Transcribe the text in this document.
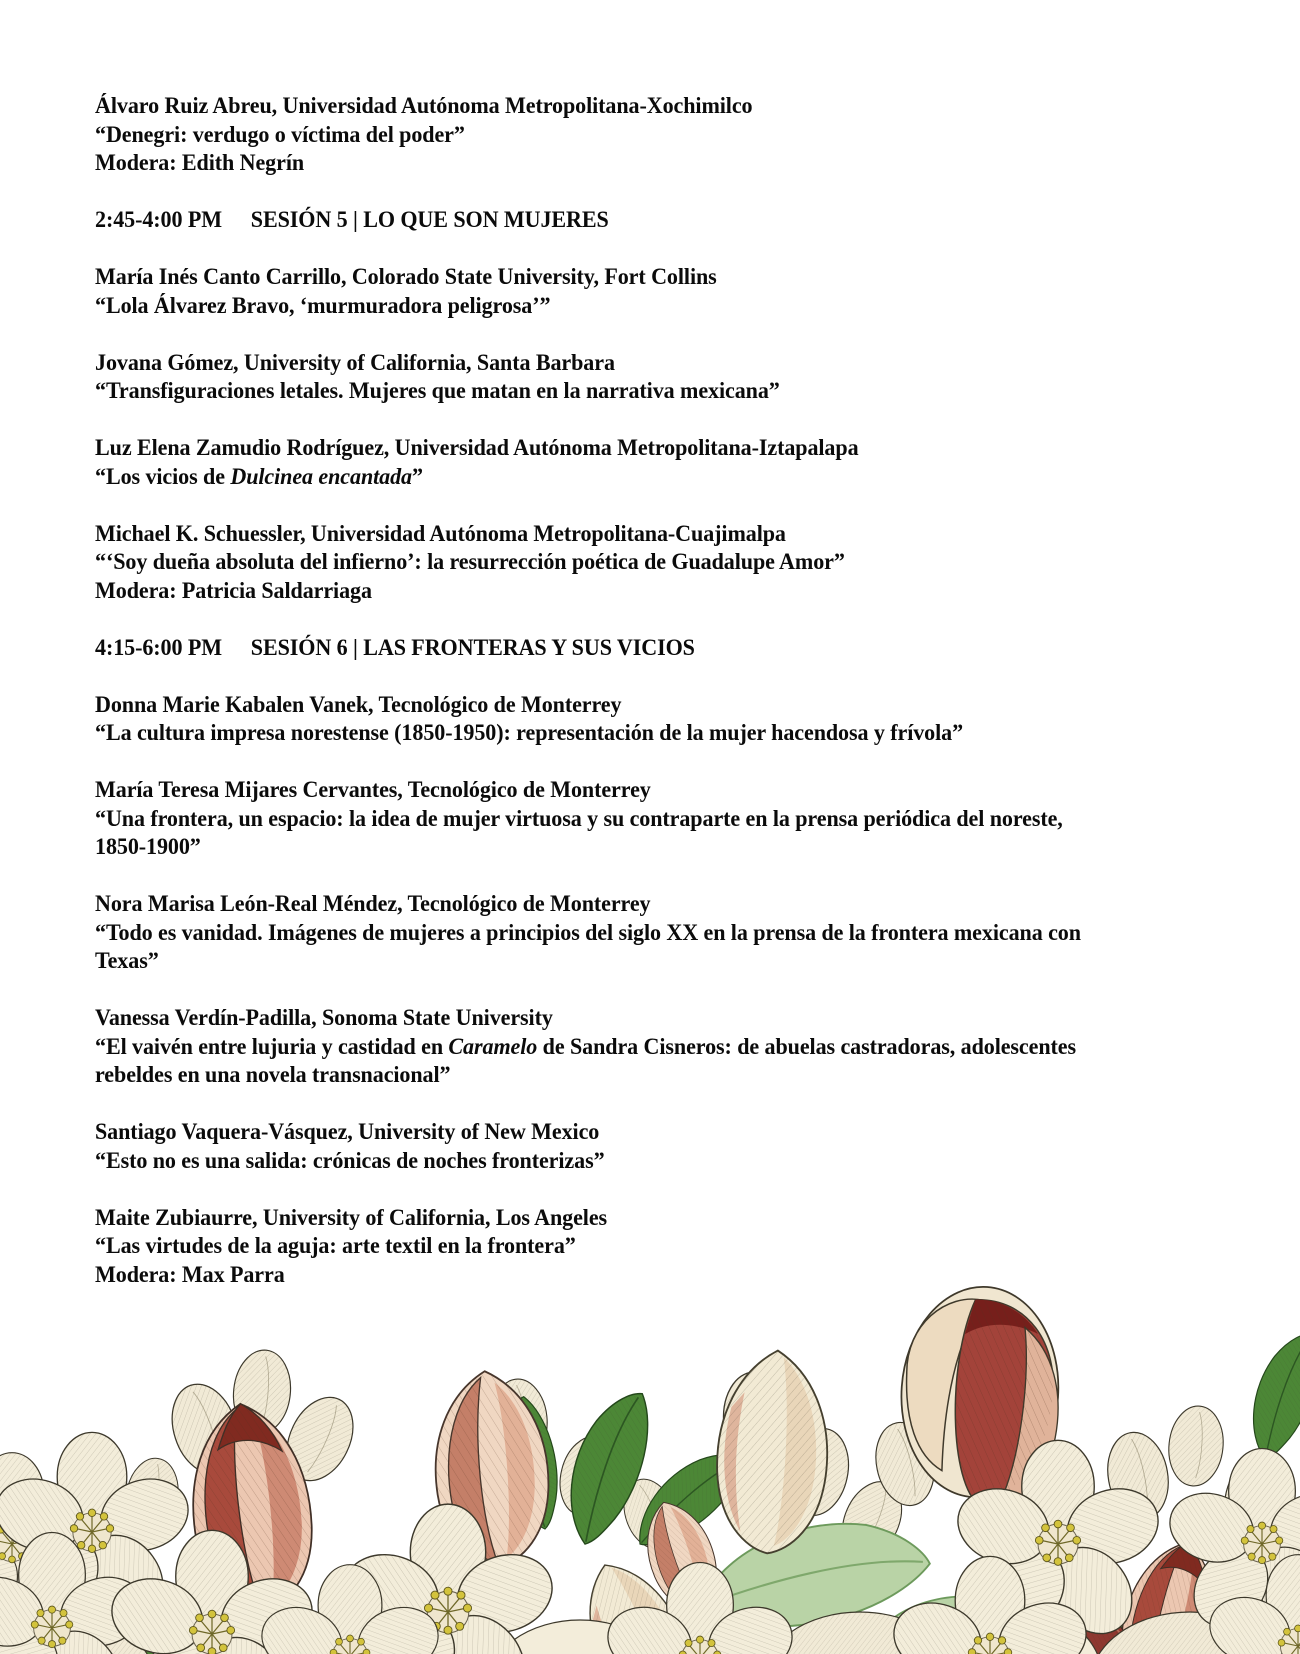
Álvaro Ruiz Abreu, Universidad Autónoma Metropolitana-Xochimilco
“Denegri: verdugo o víctima del poder”
Modera: Edith Negrín
2:45-4:00 PM SESIÓN 5 | LO QUE SON MUJERES
María Inés Canto Carrillo, Colorado State University, Fort Collins
“Lola Álvarez Bravo, ‘murmuradora peligrosa’”
Jovana Gómez, University of California, Santa Barbara
“Transfiguraciones letales. Mujeres que matan en la narrativa mexicana”
Luz Elena Zamudio Rodríguez, Universidad Autónoma Metropolitana-Iztapalapa
“Los vicios de Dulcinea encantada”
Michael K. Schuessler, Universidad Autónoma Metropolitana-Cuajimalpa
“‘Soy dueña absoluta del infierno’: la resurrección poética de Guadalupe Amor”
Modera: Patricia Saldarriaga
4:15-6:00 PM SESIÓN 6 | LAS FRONTERAS Y SUS VICIOS
Donna Marie Kabalen Vanek, Tecnológico de Monterrey
“La cultura impresa norestense (1850-1950): representación de la mujer hacendosa y frívola”
María Teresa Mijares Cervantes, Tecnológico de Monterrey
“Una frontera, un espacio: la idea de mujer virtuosa y su contraparte en la prensa periódica del noreste,
1850-1900”
Nora Marisa León-Real Méndez, Tecnológico de Monterrey
“Todo es vanidad. Imágenes de mujeres a principios del siglo XX en la prensa de la frontera mexicana con
Texas”
Vanessa Verdín-Padilla, Sonoma State University
“El vaivén entre lujuria y castidad en Caramelo de Sandra Cisneros: de abuelas castradoras, adolescentes
rebeldes en una novela transnacional”
Santiago Vaquera-Vásquez, University of New Mexico
“Esto no es una salida: crónicas de noches fronterizas”
Maite Zubiaurre, University of California, Los Angeles
“Las virtudes de la aguja: arte textil en la frontera”
Modera: Max Parra
